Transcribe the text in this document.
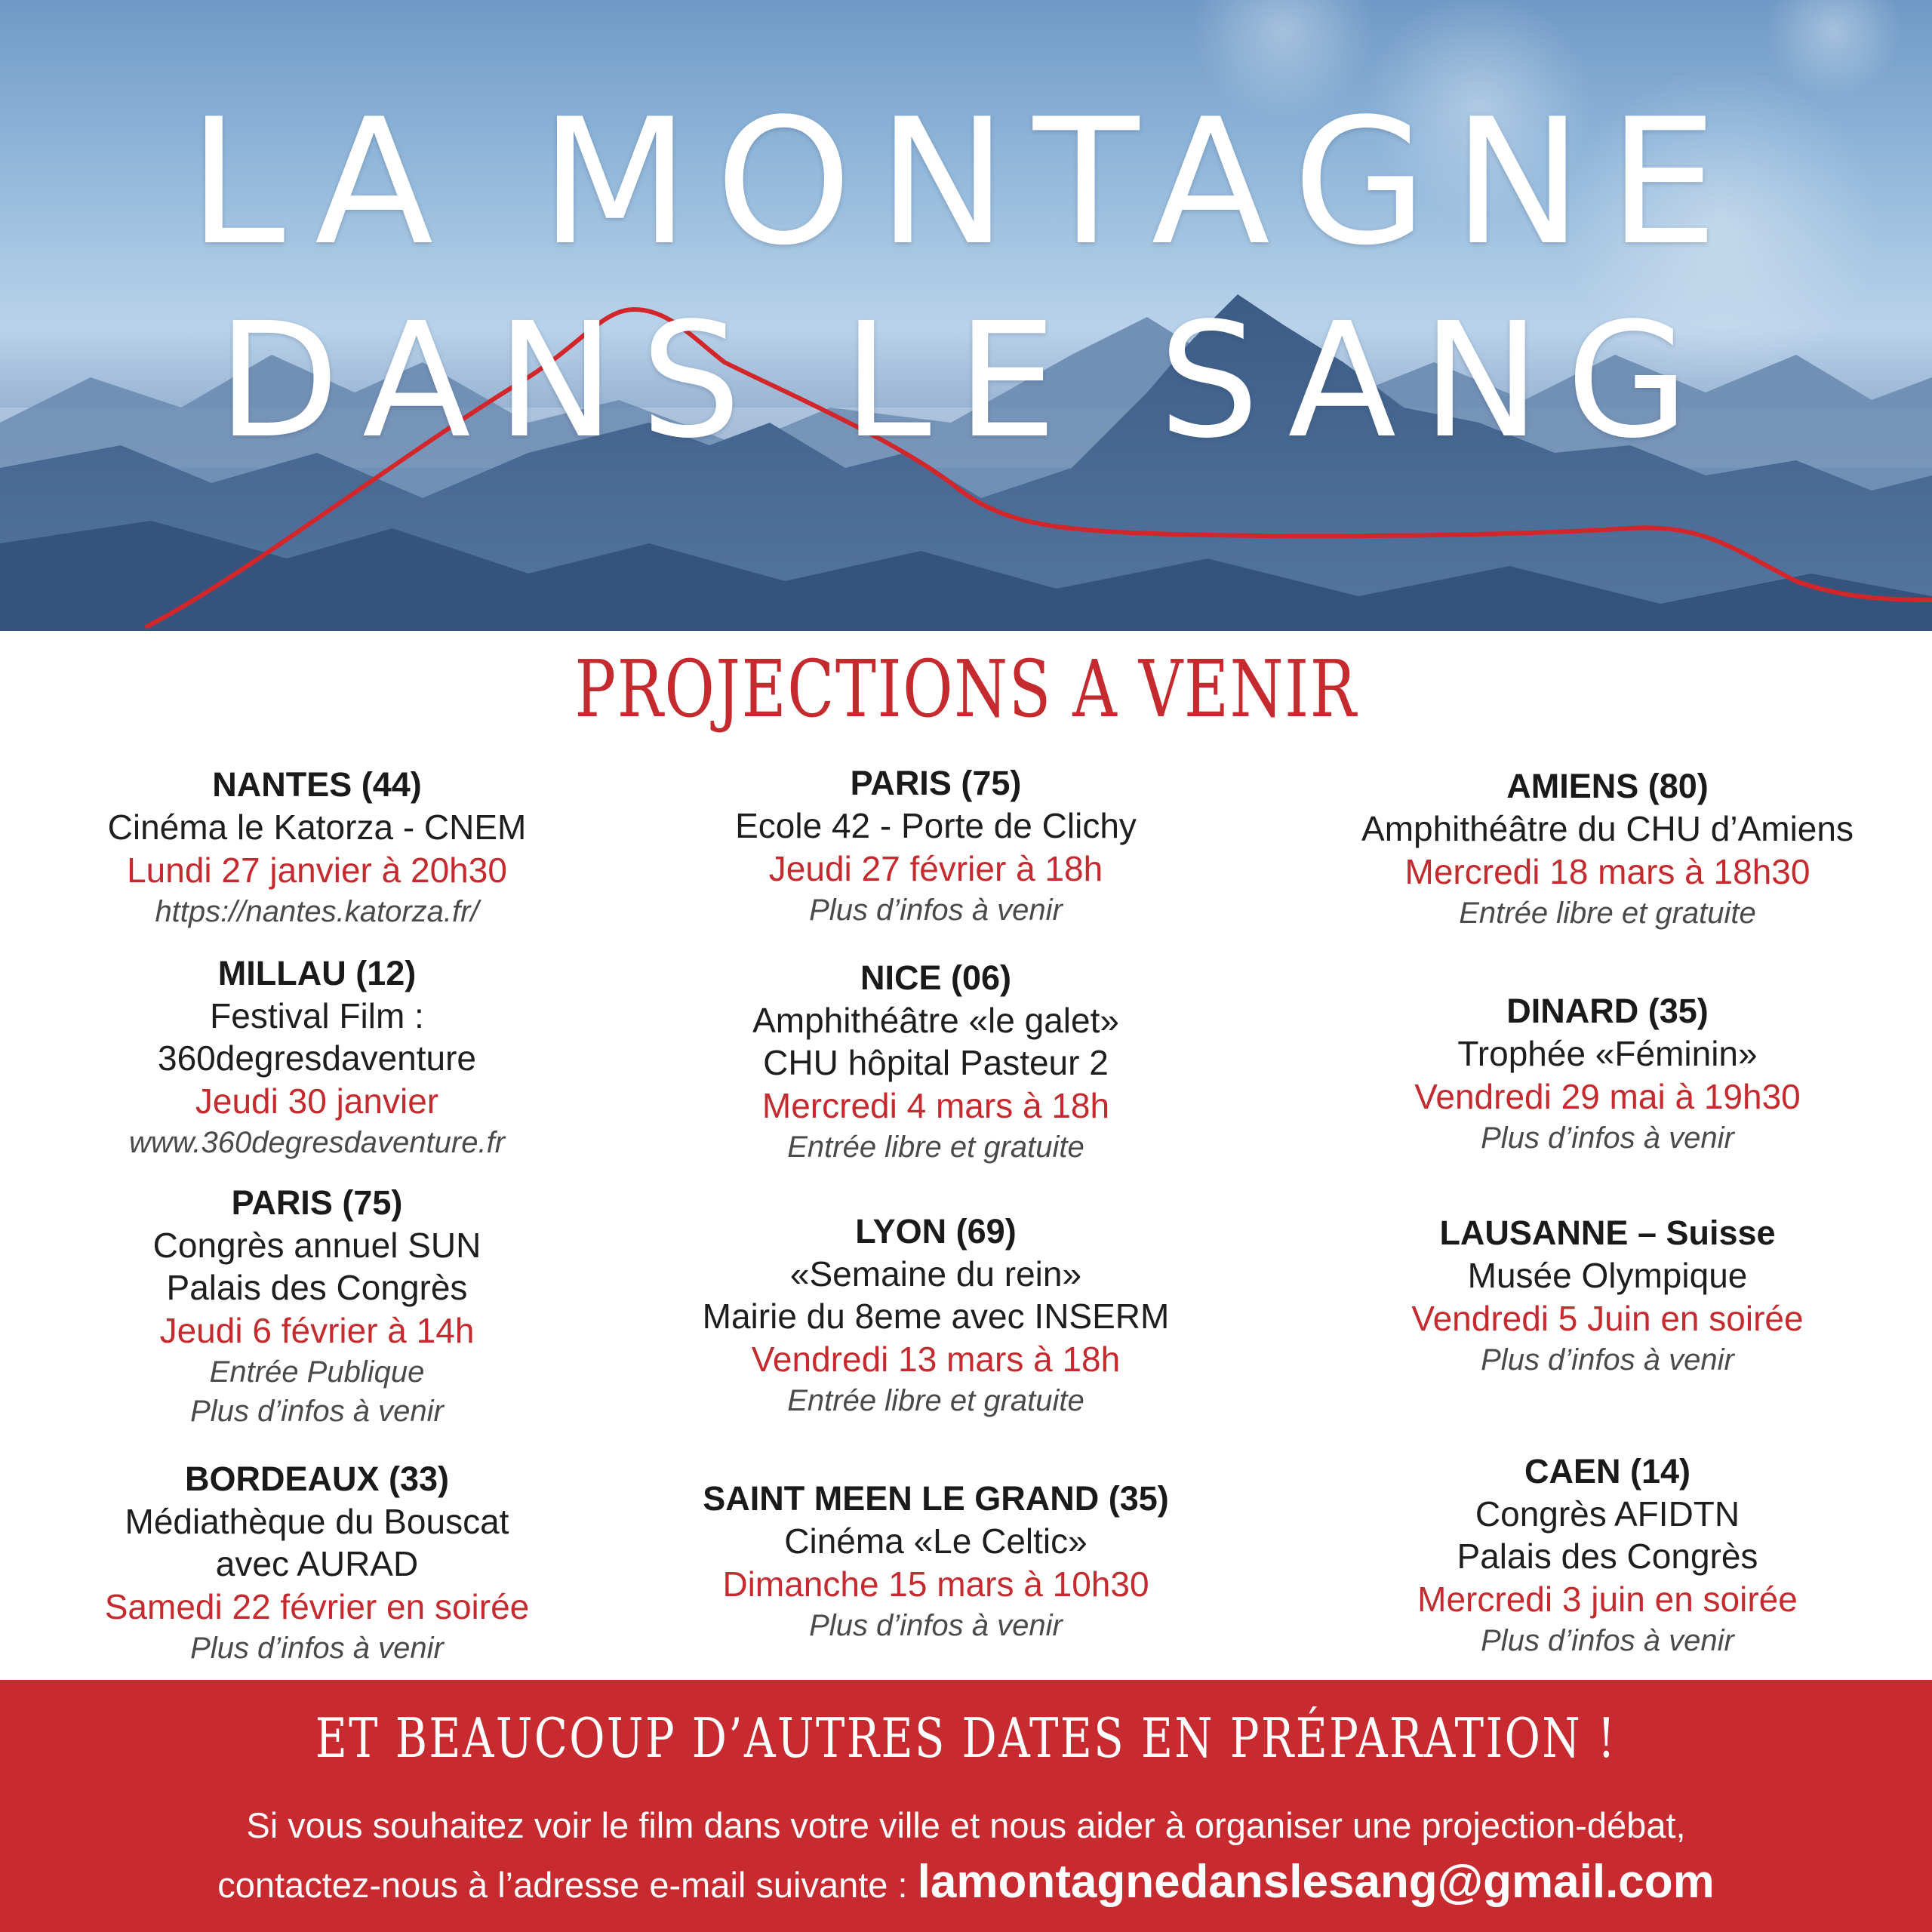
LA MONTAGNE
DANS LE SANG
PROJECTIONS A VENIR
NANTES (44)
Cinéma le Katorza - CNEM
Lundi 27 janvier à 20h30
https://nantes.katorza.fr/
MILLAU (12)
Festival Film :
360degresdaventure
Jeudi 30 janvier
www.360degresdaventure.fr
PARIS (75)
Congrès annuel SUN
Palais des Congrès
Jeudi 6 février à 14h
Entrée Publique
Plus d’infos à venir
BORDEAUX (33)
Médiathèque du Bouscat
avec AURAD
Samedi 22 février en soirée
Plus d’infos à venir
PARIS (75)
Ecole 42 - Porte de Clichy
Jeudi 27 février à 18h
Plus d’infos à venir
NICE (06)
Amphithéâtre «le galet»
CHU hôpital Pasteur 2
Mercredi 4 mars à 18h
Entrée libre et gratuite
LYON (69)
«Semaine du rein»
Mairie du 8eme avec INSERM
Vendredi 13 mars à 18h
Entrée libre et gratuite
SAINT MEEN LE GRAND (35)
Cinéma «Le Celtic»
Dimanche 15 mars à 10h30
Plus d’infos à venir
AMIENS (80)
Amphithéâtre du CHU d’Amiens
Mercredi 18 mars à 18h30
Entrée libre et gratuite
DINARD (35)
Trophée «Féminin»
Vendredi 29 mai à 19h30
Plus d’infos à venir
LAUSANNE – Suisse
Musée Olympique
Vendredi 5 Juin en soirée
Plus d’infos à venir
CAEN (14)
Congrès AFIDTN
Palais des Congrès
Mercredi 3 juin en soirée
Plus d’infos à venir
ET BEAUCOUP D’AUTRES DATES EN PRÉPARATION !

Si vous souhaitez voir le film dans votre ville et nous aider à organiser une projection-débat,

contactez-nous à l’adresse e-mail suivante : lamontagnedanslesang@gmail.com
